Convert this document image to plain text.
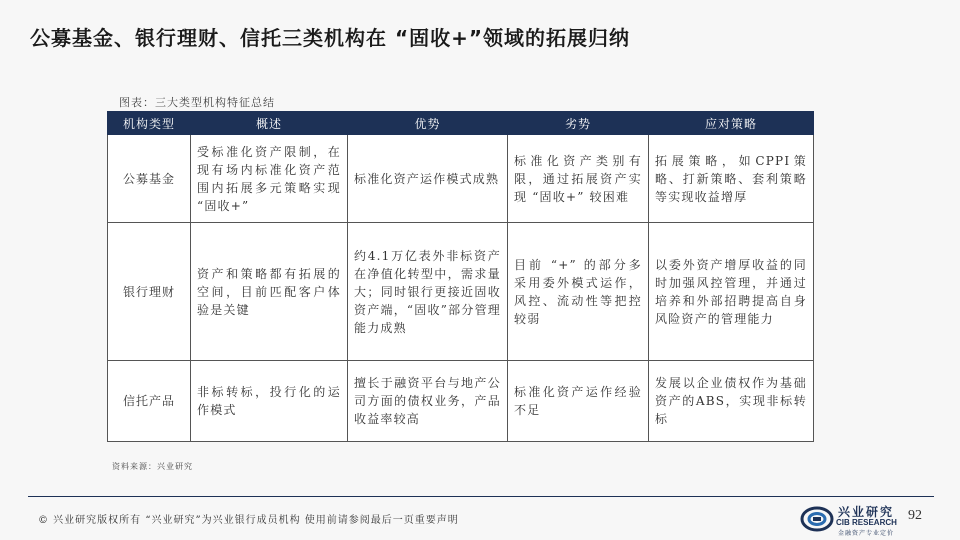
公募基金、银行理财、信托三类机构在 “固收+”领域的拓展归纳
图表：三大类型机构特征总结
机构类型	概述	优势	劣势	应对策略
公募基金	受标准化资产限制，在现有场内标准化资产范围内拓展多元策略实现 “固收+”	标准化资产运作模式成熟	标准化资产类别有限，通过拓展资产实现 “固收+” 较困难	拓展策略，如CPPI策略、打新策略、套利策略等实现收益增厚
银行理财	资产和策略都有拓展的空间，目前匹配客户体验是关键	约4.1万亿表外非标资产在净值化转型中，需求量大；同时银行更接近固收资产端，“固收”部分管理能力成熟	目前 “+” 的部分多采用委外模式运作，风控、流动性等把控较弱	以委外资产增厚收益的同时加强风控管理，并通过培养和外部招聘提高自身风险资产的管理能力
信托产品	非标转标，投行化的运作模式	擅长于融资平台与地产公司方面的债权业务，产品收益率较高	标准化资产运作经验不足	发展以企业债权作为基础资产的ABS，实现非标转标
资料来源：兴业研究
© 兴业研究版权所有 “兴业研究”为兴业银行成员机构 使用前请参阅最后一页重要声明
兴业研究
CIB RESEARCH
金融资产专业定价
92
